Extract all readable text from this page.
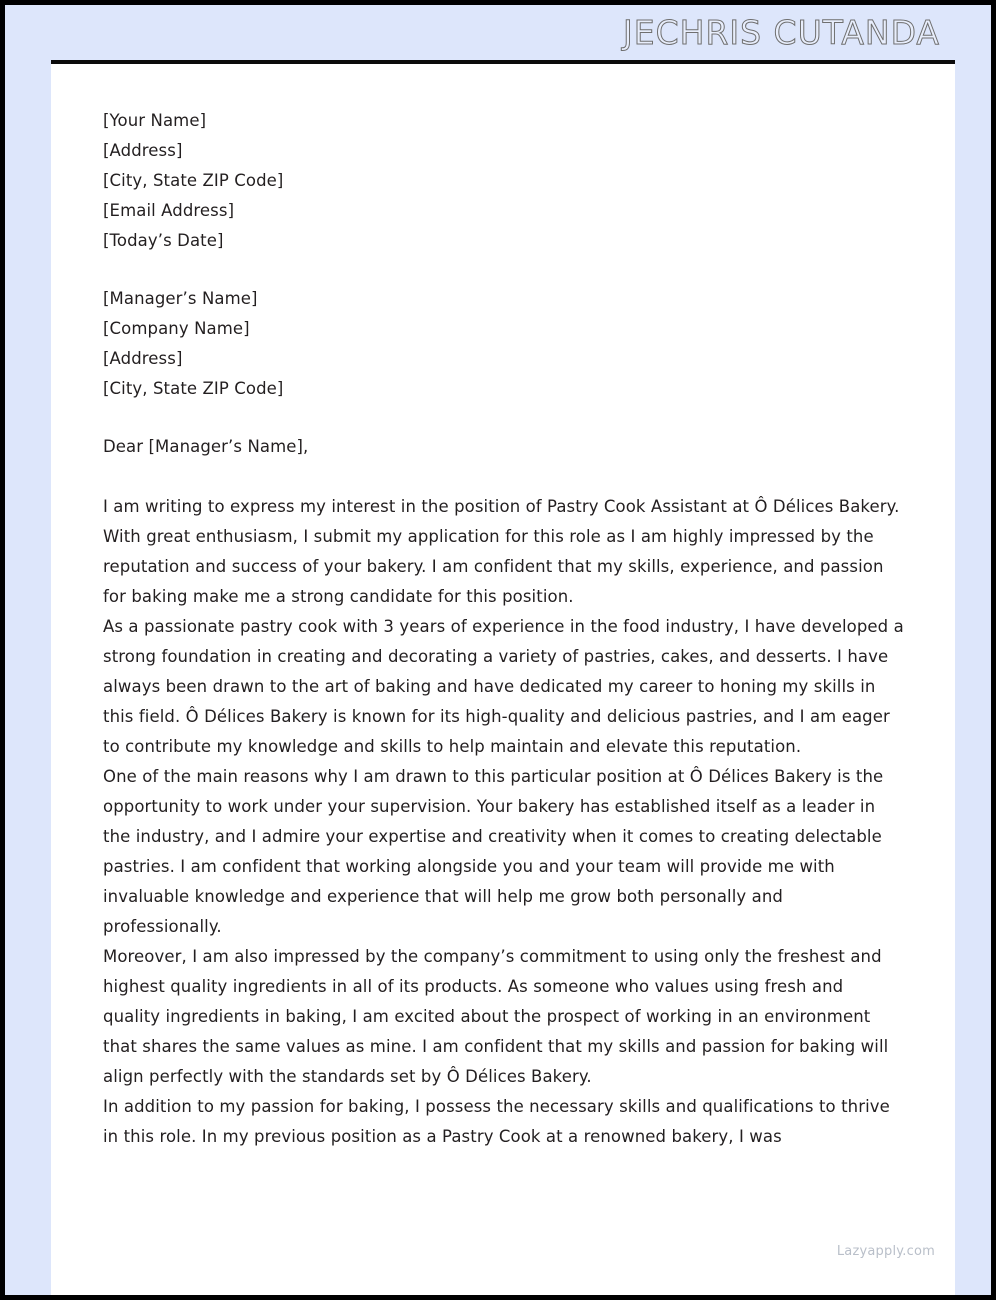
JECHRIS CUTANDA

[Your Name]

[Address]

[City, State ZIP Code]

[Email Address]

[Today’s Date]

[Manager’s Name]

[Company Name]

[Address]

[City, State ZIP Code]

Dear [Manager’s Name],

I am writing to express my interest in the position of Pastry Cook Assistant at Ô Délices Bakery. With great enthusiasm, I submit my application for this role as I am highly impressed by the reputation and success of your bakery. I am confident that my skills, experience, and passion for baking make me a strong candidate for this position.

As a passionate pastry cook with 3 years of experience in the food industry, I have developed a strong foundation in creating and decorating a variety of pastries, cakes, and desserts. I have always been drawn to the art of baking and have dedicated my career to honing my skills in this field. Ô Délices Bakery is known for its high-quality and delicious pastries, and I am eager to contribute my knowledge and skills to help maintain and elevate this reputation.

One of the main reasons why I am drawn to this particular position at Ô Délices Bakery is the opportunity to work under your supervision. Your bakery has established itself as a leader in the industry, and I admire your expertise and creativity when it comes to creating delectable pastries. I am confident that working alongside you and your team will provide me with invaluable knowledge and experience that will help me grow both personally and professionally.

Moreover, I am also impressed by the company’s commitment to using only the freshest and highest quality ingredients in all of its products. As someone who values using fresh and quality ingredients in baking, I am excited about the prospect of working in an environment that shares the same values as mine. I am confident that my skills and passion for baking will align perfectly with the standards set by Ô Délices Bakery.

In addition to my passion for baking, I possess the necessary skills and qualifications to thrive in this role. In my previous position as a Pastry Cook at a renowned bakery, I was

Lazyapply.com
